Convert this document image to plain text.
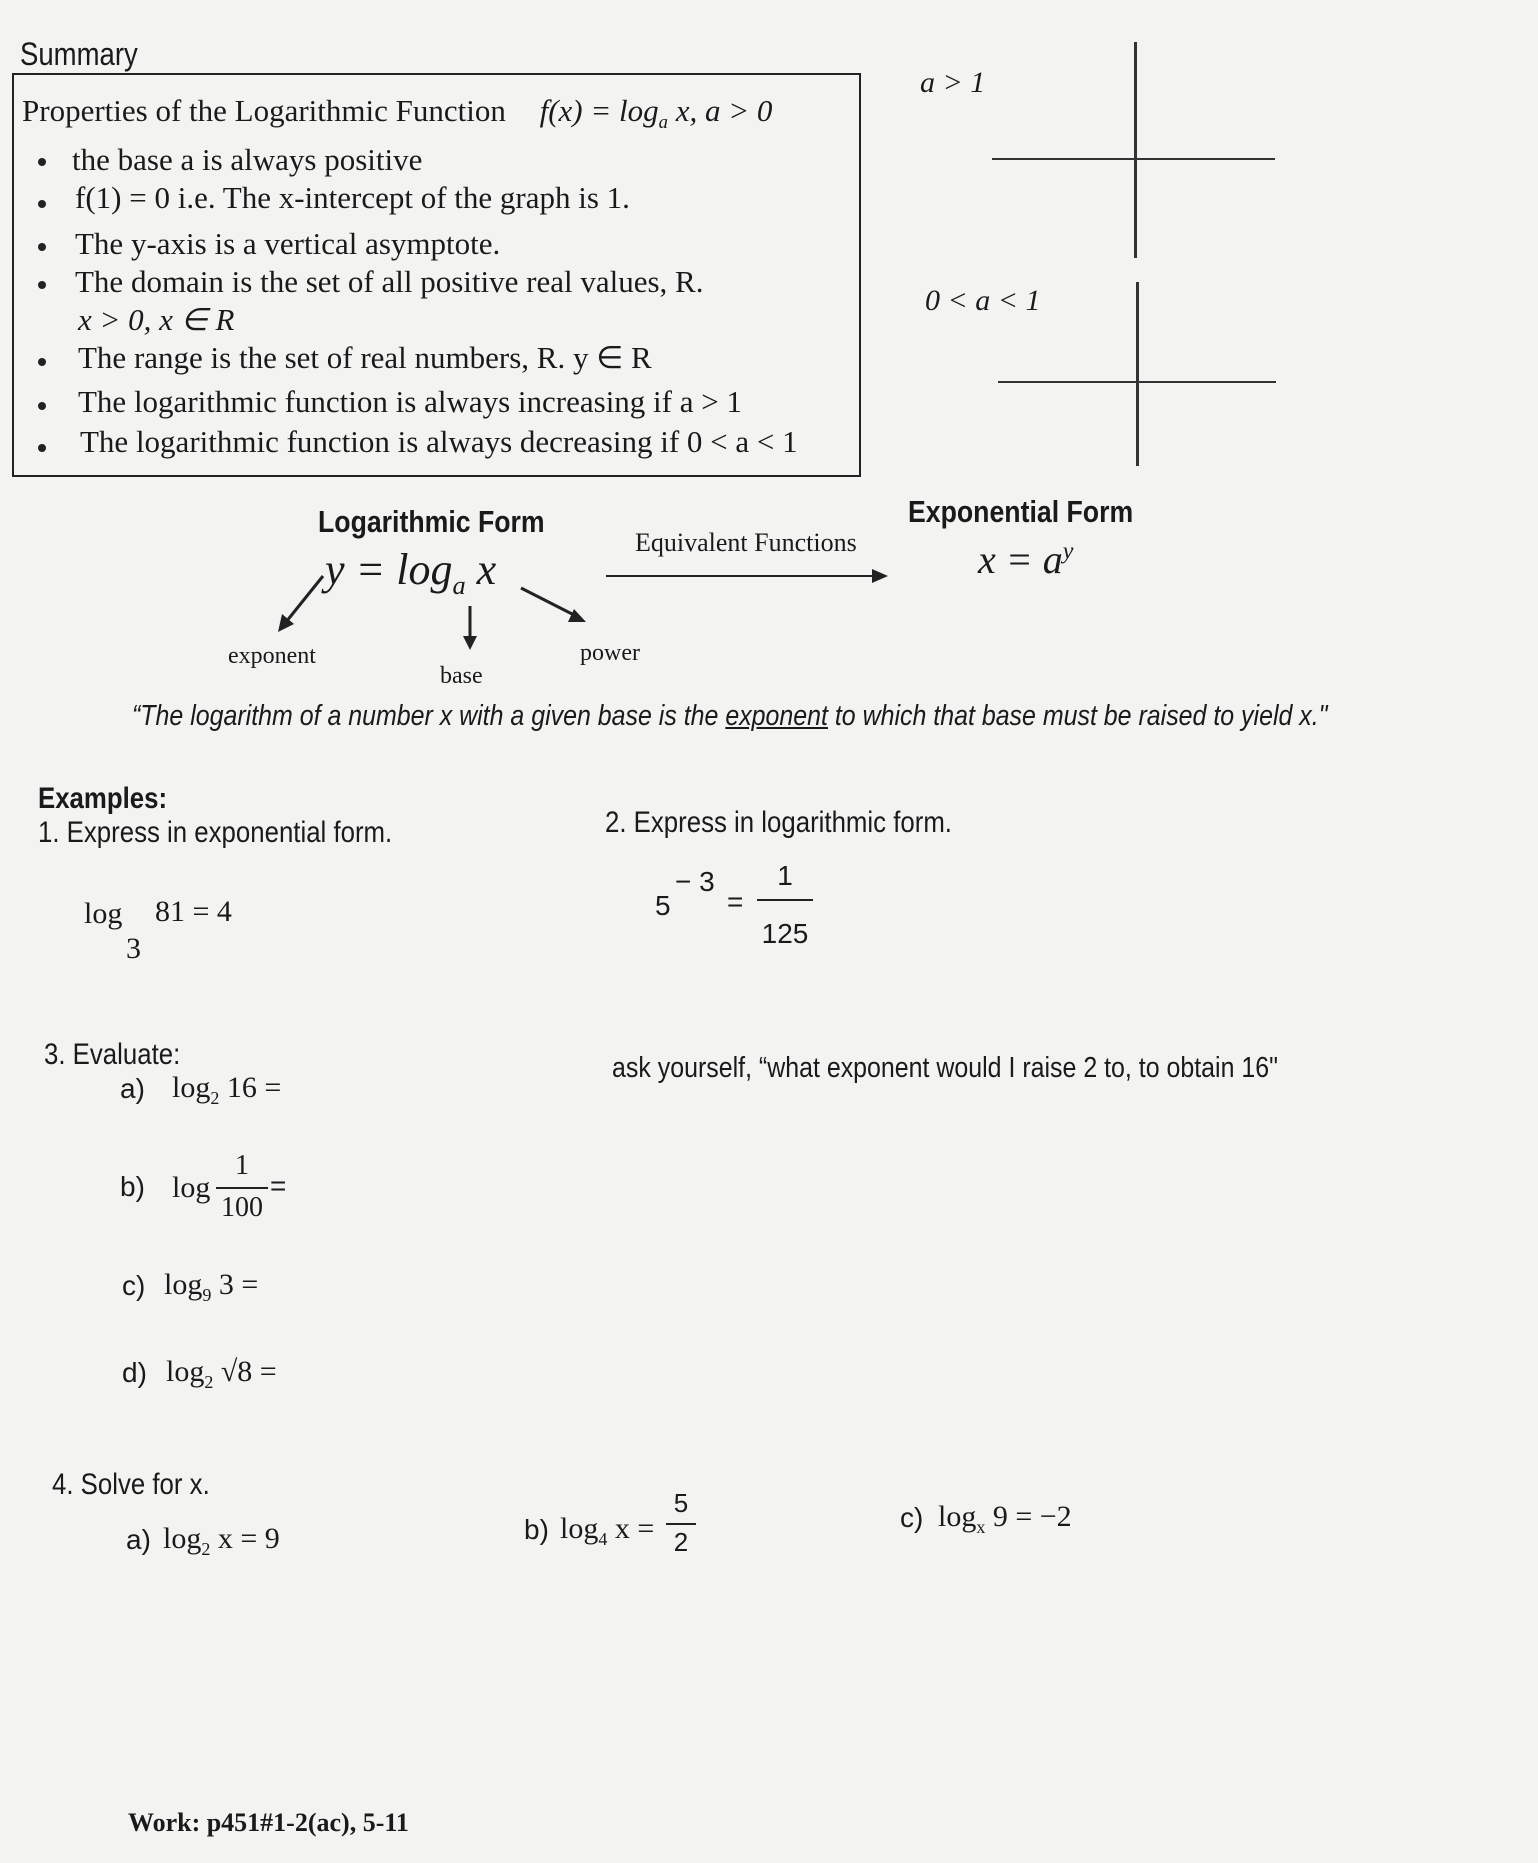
Summary
Properties of the Logarithmic Function $f(x) = \log_a x$, a > 0
the base a is always positive
f(1) = 0 i.e. The x-intercept of the graph is 1.
The y-axis is a vertical asymptote.
The domain is the set of all positive real values, R.
x > 0, x ∈ R
The range is the set of real numbers, R. y ∈ R
The logarithmic function is always increasing if a > 1
The logarithmic function is always decreasing if 0 < a < 1
a > 1
0 < a < 1
Logarithmic Form
$y = \log_a x$
Exponential Form
$x = a^y$
Equivalent Functions
exponent
base
power
“The logarithm of a number x with a given base is the exponent to which that base must be raised to yield x."
Examples:
1. Express in exponential form.
log 81 = 4
3
2. Express in logarithmic form.
5
− 3
=
1
125
3. Evaluate:	ask yourself, “what exponent would I raise 2 to, to obtain 16"
a) $\log_2 16$ =
b) log
1
100
=
c) $\log_9 3$ =
d) $\log_2 √8$ =
4. Solve for x.
a) $\log_2 x = 9$	b) $\log_4 x$ =
5
2
c) $\log_x 9 = -2$
Work: p451#1-2(ac), 5-11
